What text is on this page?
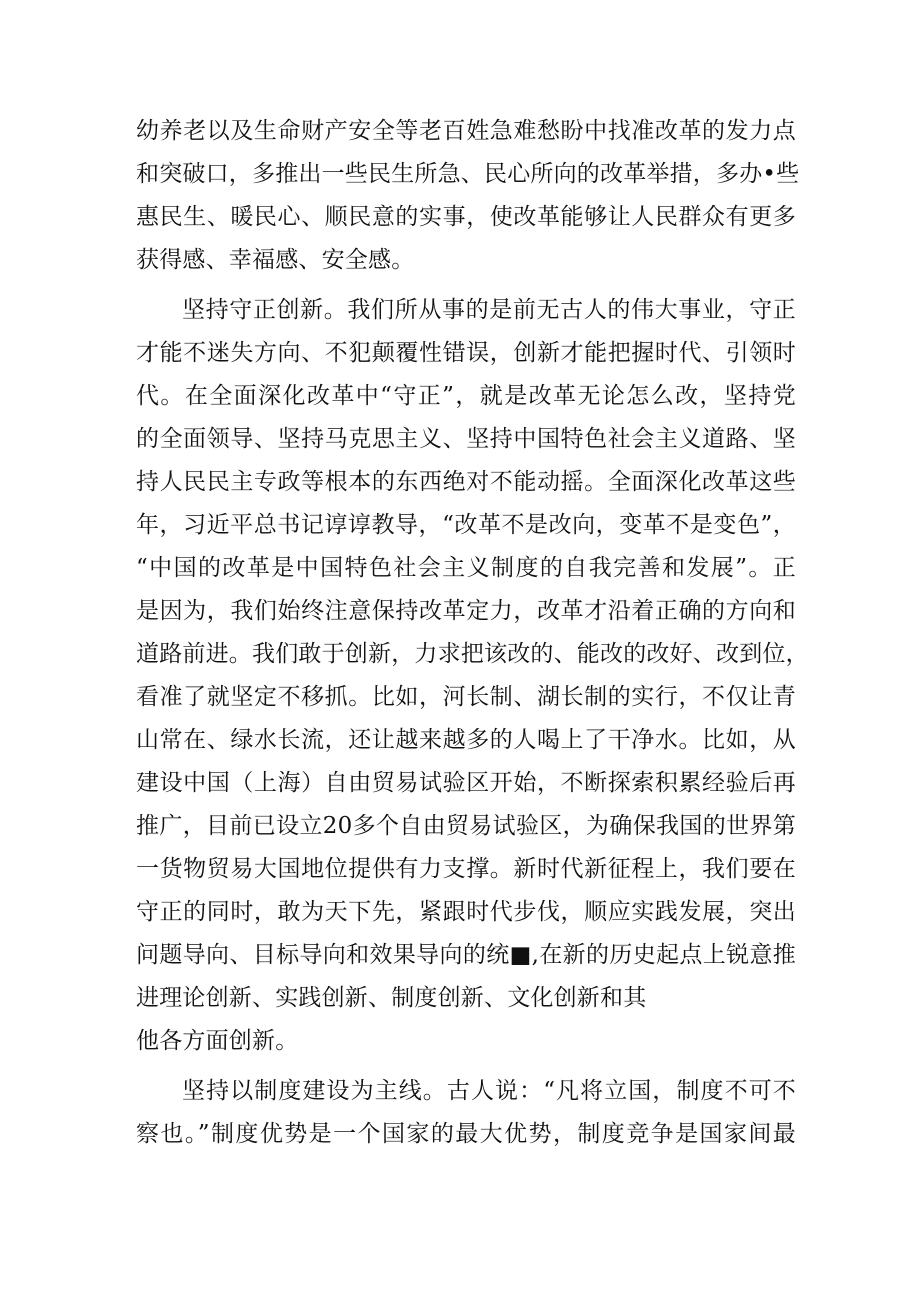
幼养老以及生命财产安全等老百姓急难愁盼中找准改革的发力点
和突破口，多推出一些民生所急、民心所向的改革举措，多办•些
惠民生、暖民心、顺民意的实事，使改革能够让人民群众有更多
获得感、幸福感、安全感。
坚持守正创新。我们所从事的是前无古人的伟大事业，守正
才能不迷失方向、不犯颠覆性错误，创新才能把握时代、引领时
代。在全面深化改革中“守正”，就是改革无论怎么改，坚持党
的全面领导、坚持马克思主义、坚持中国特色社会主义道路、坚
持人民民主专政等根本的东西绝对不能动摇。全面深化改革这些
年，习近平总书记谆谆教导，“改革不是改向，变革不是变色”，
“中国的改革是中国特色社会主义制度的自我完善和发展”。正
是因为，我们始终注意保持改革定力，改革才沿着正确的方向和
道路前进。我们敢于创新，力求把该改的、能改的改好、改到位，
看准了就坚定不移抓。比如，河长制、湖长制的实行，不仅让青
山常在、绿水长流，还让越来越多的人喝上了干净水。比如，从
建设中国（上海）自由贸易试验区开始，不断探索积累经验后再
推广，目前已设立20多个自由贸易试验区，为确保我国的世界第
一货物贸易大国地位提供有力支撑。新时代新征程上，我们要在
守正的同时，敢为天下先，紧跟时代步伐，顺应实践发展，突出
问题导向、目标导向和效果导向的统■,在新的历史起点上锐意推
进理论创新、实践创新、制度创新、文化创新和其
他各方面创新。
坚持以制度建设为主线。古人说：“凡将立国，制度不可不
察也。”制度优势是一个国家的最大优势，制度竞争是国家间最
